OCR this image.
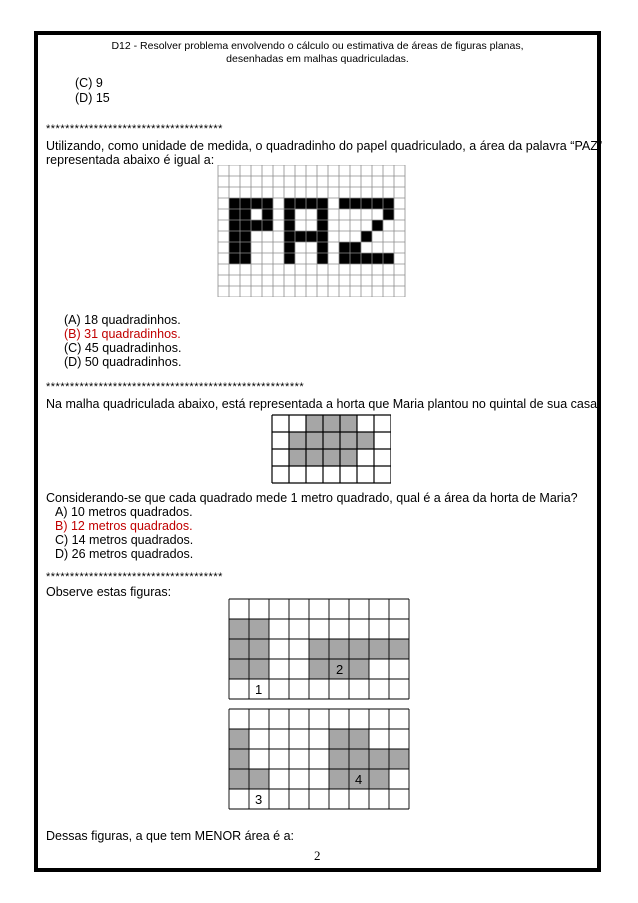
D12 - Resolver problema envolvendo o cálculo ou estimativa de áreas de figuras planas,
desenhadas em malhas quadriculadas.
(C) 9
(D) 15
*************************************
Utilizando, como unidade de medida, o quadradinho do papel quadriculado, a área da palavra “PAZ” representada abaixo é igual a:
(A) 18 quadradinhos.
(B) 31 quadradinhos.
(C) 45 quadradinhos.
(D) 50 quadradinhos.
******************************************************
Na malha quadriculada abaixo, está representada a horta que Maria plantou no quintal de sua casa.
Considerando-se que cada quadrado mede 1 metro quadrado, qual é a área da horta de Maria?
A) 10 metros quadrados.
B) 12 metros quadrados.
C) 14 metros quadrados.
D) 26 metros quadrados.
*************************************
Observe estas figuras:
1
2
3
4
Dessas figuras, a que tem MENOR área é a:
2
